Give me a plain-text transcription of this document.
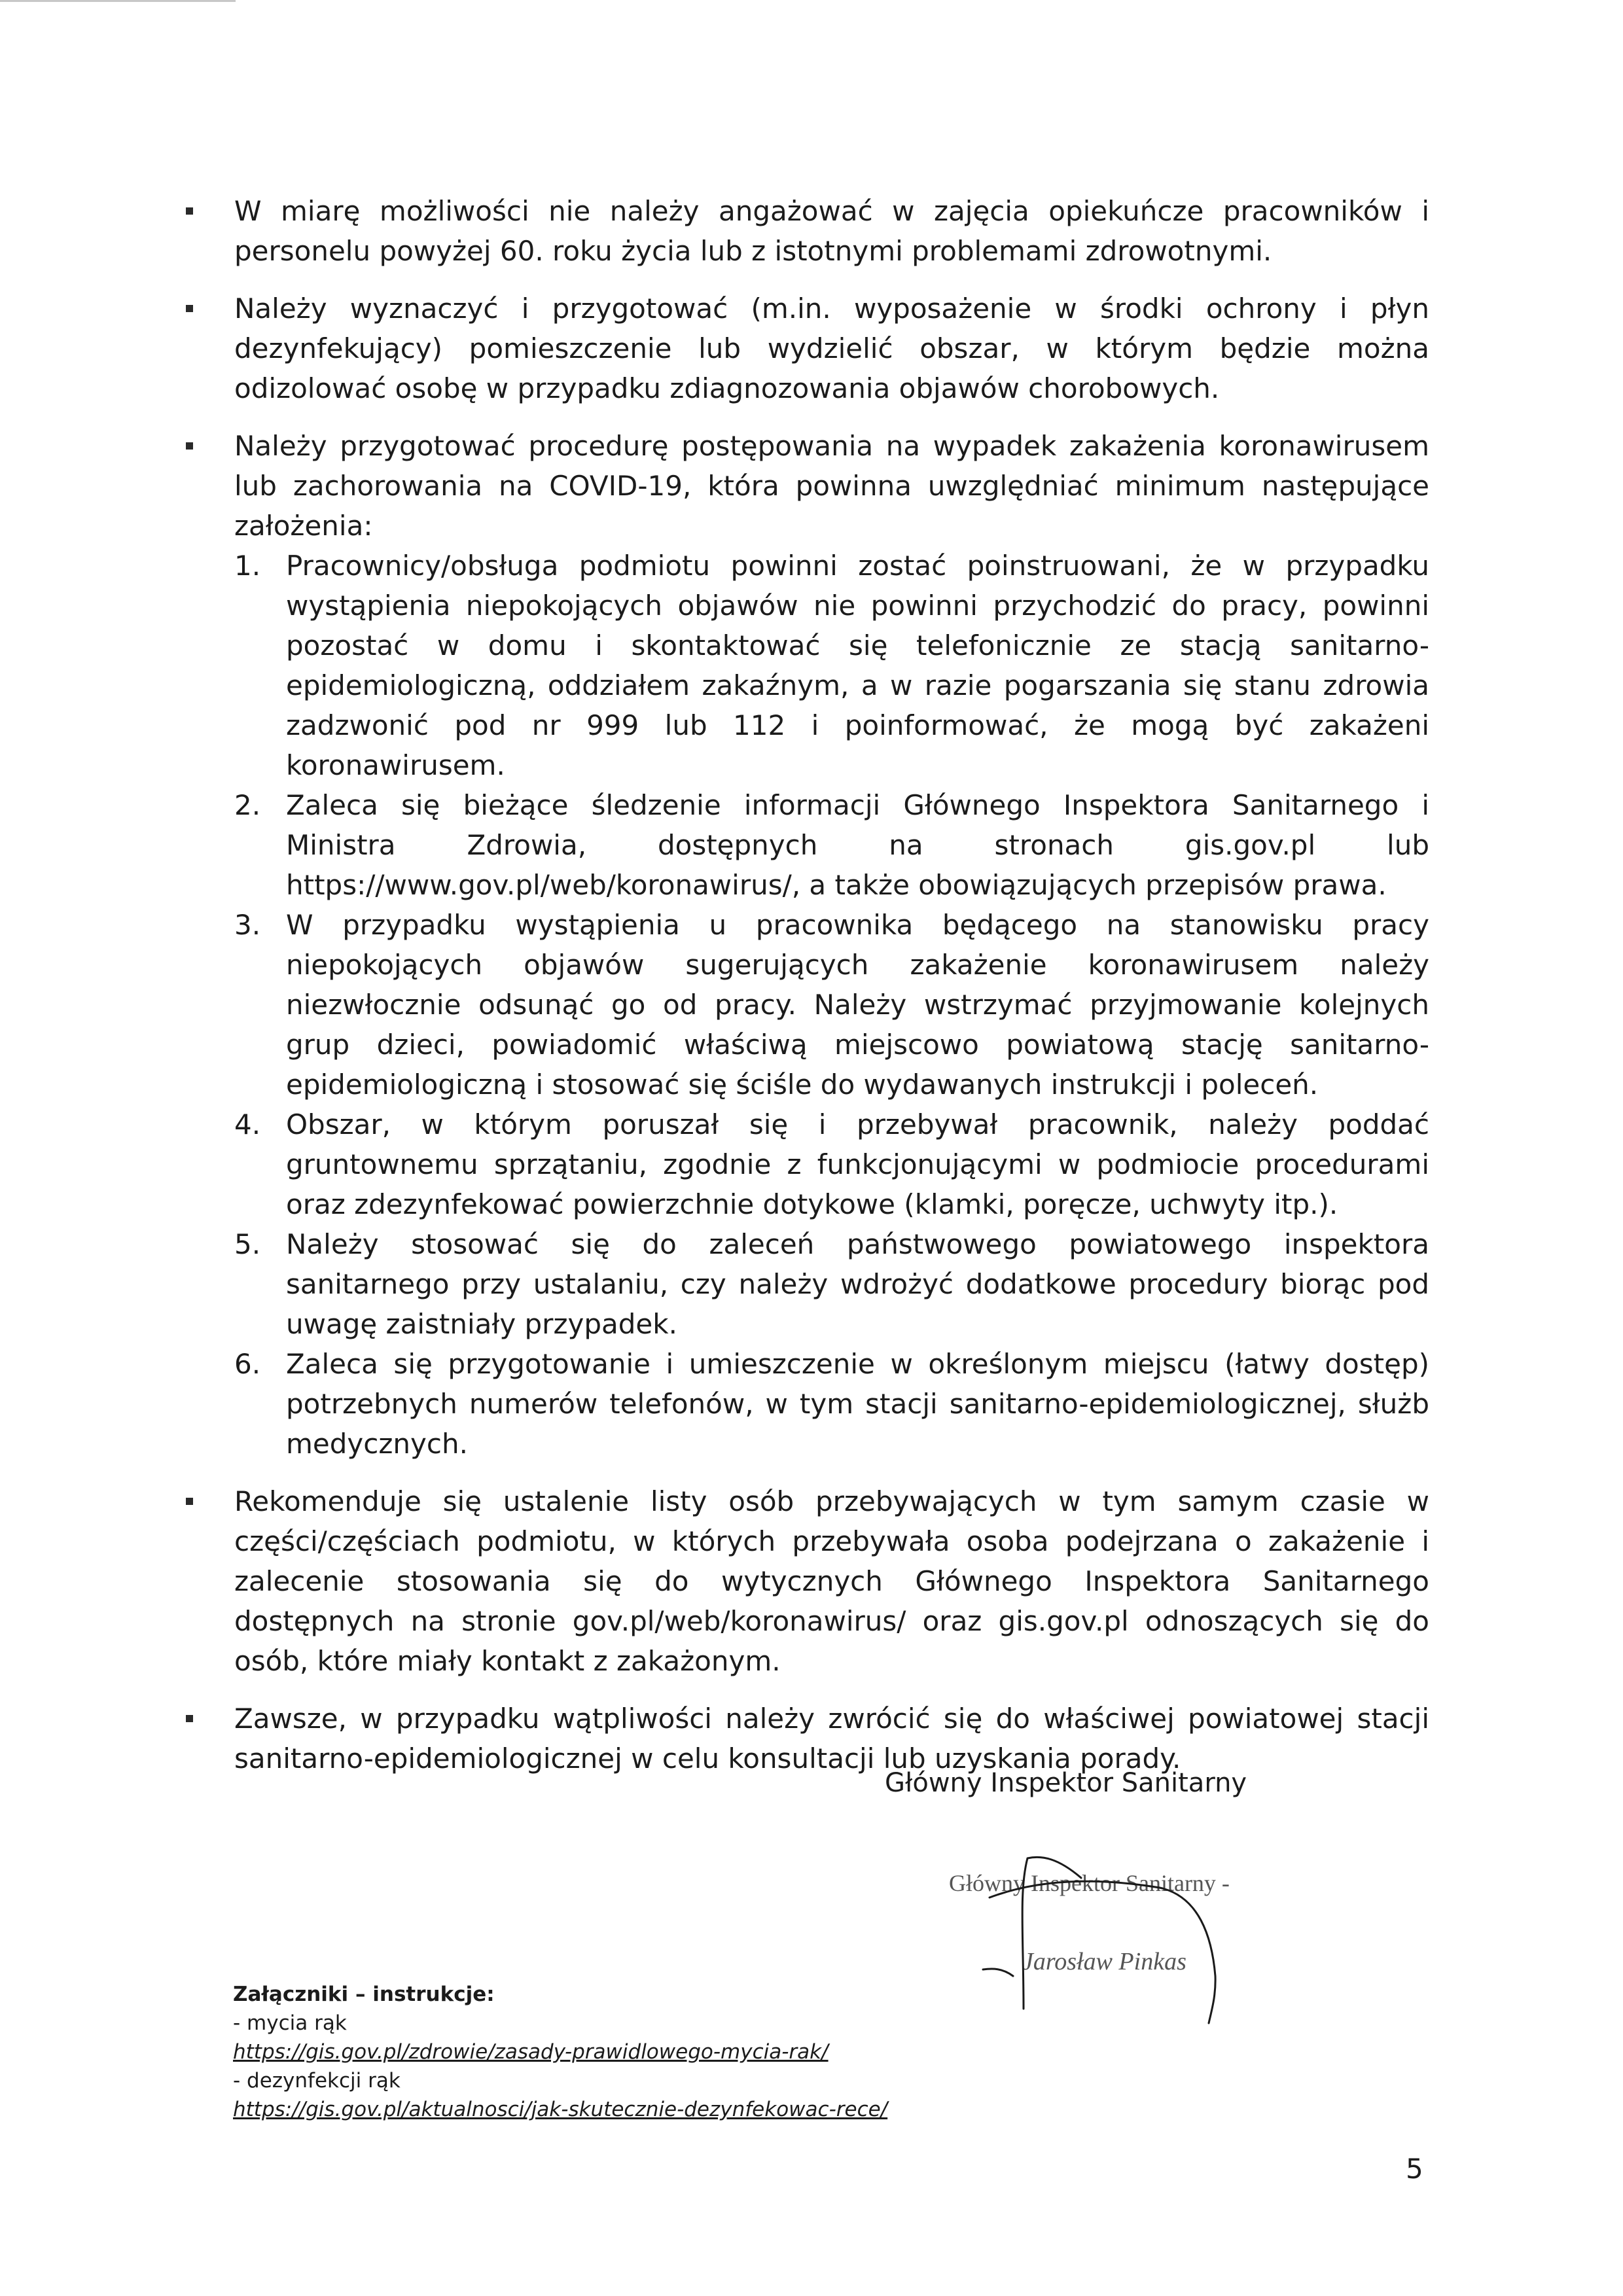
W miarę możliwości nie należy angażować w zajęcia opiekuńcze pracowników i personelu powyżej 60. roku życia lub z istotnymi problemami zdrowotnymi.
Należy wyznaczyć i przygotować (m.in. wyposażenie w środki ochrony i płyn dezynfekujący) pomieszczenie lub wydzielić obszar, w którym będzie można odizolować osobę w przypadku zdiagnozowania objawów chorobowych.
Należy przygotować procedurę postępowania na wypadek zakażenia koronawirusem lub zachorowania na COVID-19, która powinna uwzględniać minimum następujące założenia:
1. Pracownicy/obsługa podmiotu powinni zostać poinstruowani, że w przypadku wystąpienia niepokojących objawów nie powinni przychodzić do pracy, powinni pozostać w domu i skontaktować się telefonicznie ze stacją sanitarno-epidemiologiczną, oddziałem zakaźnym, a w razie pogarszania się stanu zdrowia zadzwonić pod nr 999 lub 112 i poinformować, że mogą być zakażeni koronawirusem.
2. Zaleca się bieżące śledzenie informacji Głównego Inspektora Sanitarnego i Ministra Zdrowia, dostępnych na stronach gis.gov.pl lub https://www.gov.pl/web/koronawirus/, a także obowiązujących przepisów prawa.
3. W przypadku wystąpienia u pracownika będącego na stanowisku pracy niepokojących objawów sugerujących zakażenie koronawirusem należy niezwłocznie odsunąć go od pracy. Należy wstrzymać przyjmowanie kolejnych grup dzieci, powiadomić właściwą miejscowo powiatową stację sanitarno-epidemiologiczną i stosować się ściśle do wydawanych instrukcji i poleceń.
4. Obszar, w którym poruszał się i przebywał pracownik, należy poddać gruntownemu sprzątaniu, zgodnie z funkcjonującymi w podmiocie procedurami oraz zdezynfekować powierzchnie dotykowe (klamki, poręcze, uchwyty itp.).
5. Należy stosować się do zaleceń państwowego powiatowego inspektora sanitarnego przy ustalaniu, czy należy wdrożyć dodatkowe procedury biorąc pod uwagę zaistniały przypadek.
6. Zaleca się przygotowanie i umieszczenie w określonym miejscu (łatwy dostęp) potrzebnych numerów telefonów, w tym stacji sanitarno-epidemiologicznej, służb medycznych.
Rekomenduje się ustalenie listy osób przebywających w tym samym czasie w części/częściach podmiotu, w których przebywała osoba podejrzana o zakażenie i zalecenie stosowania się do wytycznych Głównego Inspektora Sanitarnego dostępnych na stronie gov.pl/web/koronawirus/ oraz gis.gov.pl odnoszących się do osób, które miały kontakt z zakażonym.
Zawsze, w przypadku wątpliwości należy zwrócić się do właściwej powiatowej stacji sanitarno-epidemiologicznej w celu konsultacji lub uzyskania porady.

Główny Inspektor Sanitarny

Główny Inspektor Sanitarny -
Jarosław Pinkas

Załączniki – instrukcje:

- mycia rąk

https://gis.gov.pl/zdrowie/zasady-prawidlowego-mycia-rak/

- dezynfekcji rąk

https://gis.gov.pl/aktualnosci/jak-skutecznie-dezynfekowac-rece/

5
